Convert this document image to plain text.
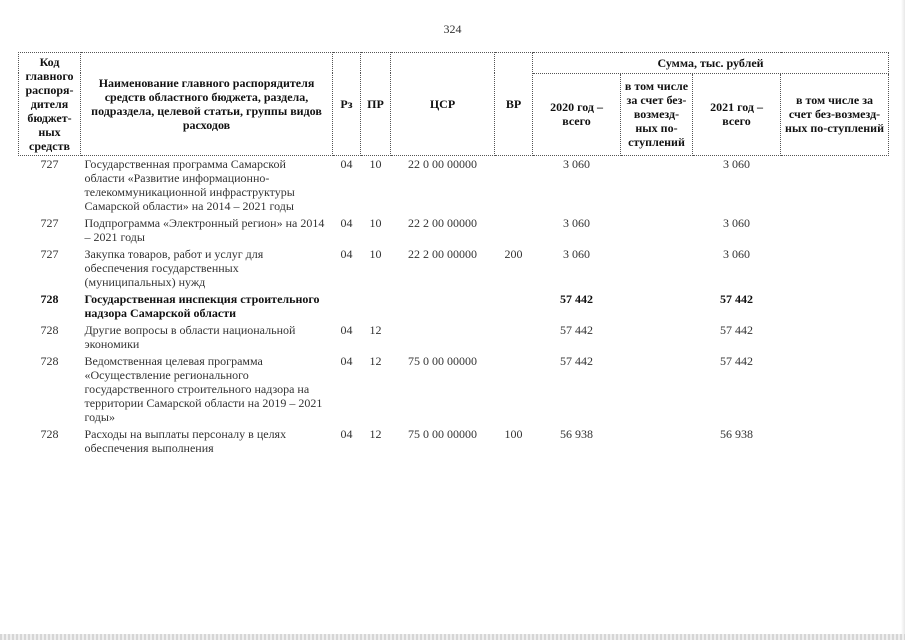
324
Код главного распоря-дителя бюджет-ных средств	Наименование главного распорядителя средств областного бюджета, раздела, подраздела, целевой статьи, группы видов расходов	Рз	ПР	ЦСР	ВР	Сумма, тыс. рублей			
						2020 год – всего	в том числе за счет без-возмезд-ных по-ступлений	2021 год – всего	в том числе за счет без-возмезд-ных по-ступлений
727	Государственная программа Самарской области «Развитие информационно-телекоммуникационной инфраструктуры Самарской области» на 2014 – 2021 годы	04	10	22 0 00 00000		3 060		3 060	
727	Подпрограмма «Электронный регион» на 2014 – 2021 годы	04	10	22 2 00 00000		3 060		3 060	
727	Закупка товаров, работ и услуг для обеспечения государственных (муниципальных) нужд	04	10	22 2 00 00000	200	3 060		3 060	
728	Государственная инспекция строительного надзора Самарской области					57 442		57 442	
728	Другие вопросы в области национальной экономики	04	12			57 442		57 442	
728	Ведомственная целевая программа «Осуществление регионального государственного строительного надзора на территории Самарской области на 2019 – 2021 годы»	04	12	75 0 00 00000		57 442		57 442	
728	Расходы на выплаты персоналу в целях обеспечения выполнения	04	12	75 0 00 00000	100	56 938		56 938	
